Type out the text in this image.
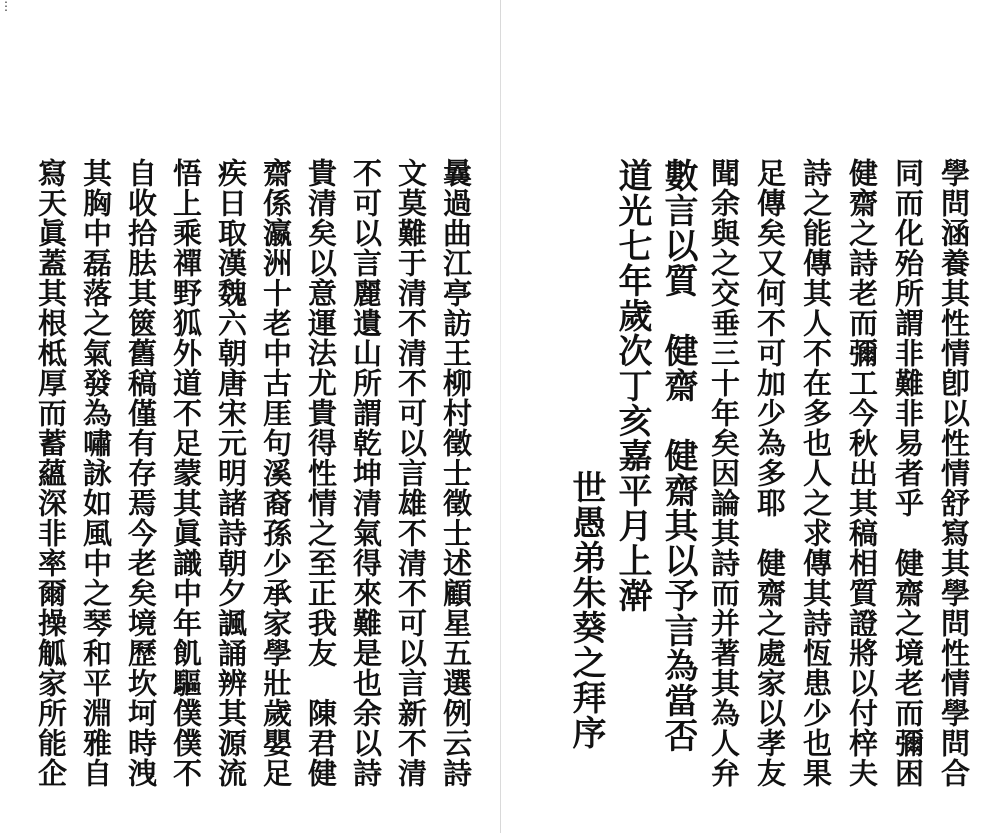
⋮
學問涵養其性情卽以性情舒寫其學問性情學問合
同而化殆所謂非難非易者乎　健齋之境老而彌困
健齋之詩老而彌工今秋出其稿相質證將以付梓夫
詩之能傳其人不在多也人之求傳其詩恆患少也果
足傳矣又何不可加少為多耶　健齋之處家以孝友
聞余與之交垂三十年矣因論其詩而并著其為人弁
數言以質　健齋　健齋其以予言為當否
道光七年歲次丁亥嘉平月上澣
世愚弟朱葵之拜序
曩過曲江亭訪王柳村徵士徵士述顧星五選例云詩
文莫難于清不清不可以言雄不清不可以言新不清
不可以言麗遺山所謂乾坤清氣得來難是也余以詩
貴清矣以意運法尤貴得性情之至正我友　陳君健
齋係瀛洲十老中古厓句溪裔孫少承家學壯歲嬰足
疾日取漢魏六朝唐宋元明諸詩朝夕諷誦辨其源流
悟上乘禪野狐外道不足蒙其眞識中年飢驅僕僕不
自收拾胠其篋舊稿僅有存焉今老矣境歷坎坷時洩
其胸中磊落之氣發為嘯詠如風中之琴和平淵雅自
寫天眞蓋其根柢厚而蓄蘊深非率爾操觚家所能企
